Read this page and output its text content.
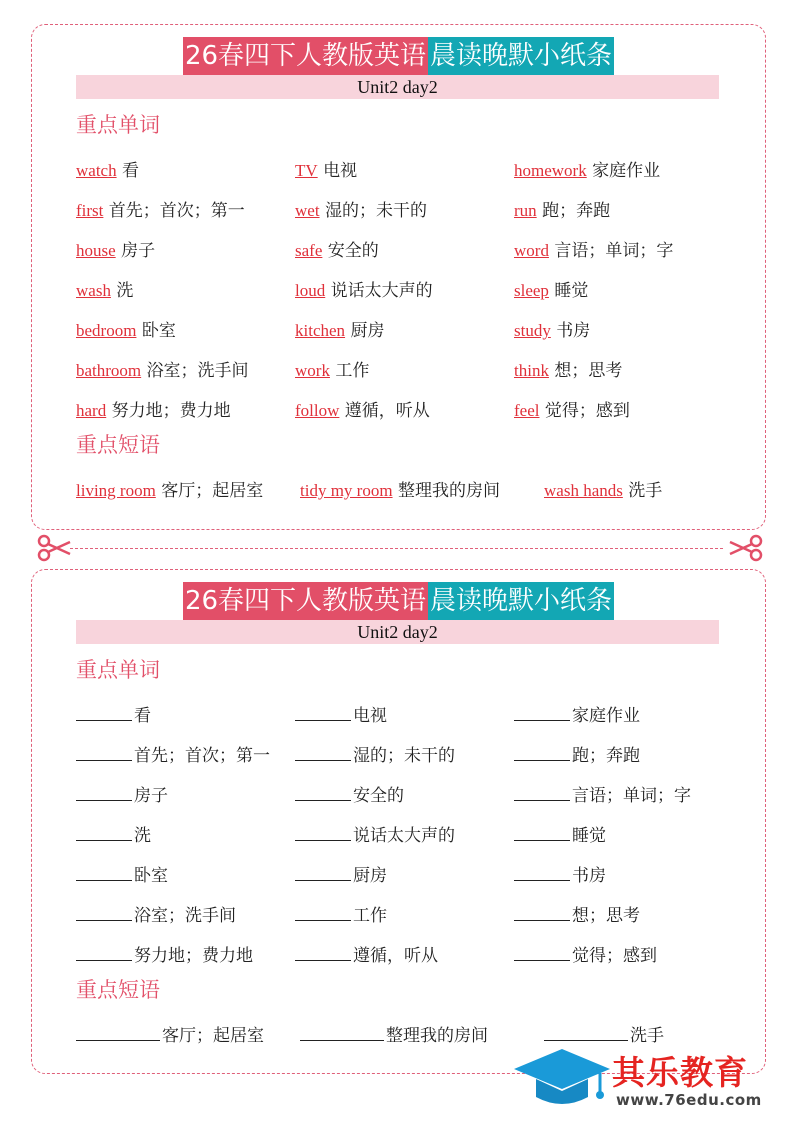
26春四下人教版英语 晨读晚默小纸条
Unit2 day2
重点单词
watch 看	TV 电视	homework 家庭作业
first 首先；首次；第一	wet 湿的；未干的	run 跑；奔跑
house 房子	safe 安全的	word 言语；单词；字
wash 洗	loud 说话太大声的	sleep 睡觉
bedroom 卧室	kitchen 厨房	study 书房
bathroom 浴室；洗手间	work 工作	think 想；思考
hard 努力地；费力地	follow 遵循，听从	feel 觉得；感到
重点短语
living room 客厅；起居室 tidy my room 整理我的房间	wash hands 洗手
26春四下人教版英语 晨读晚默小纸条
Unit2 day2
重点单词
看	电视	家庭作业
首先；首次；第一	湿的；未干的	跑；奔跑
房子	安全的	言语；单词；字
洗	说话太大声的	睡觉
卧室	厨房	书房
浴室；洗手间	工作	想；思考
努力地；费力地	遵循，听从	觉得；感到
重点短语
客厅；起居室	整理我的房间	洗手
其乐教育
www.76edu.com
